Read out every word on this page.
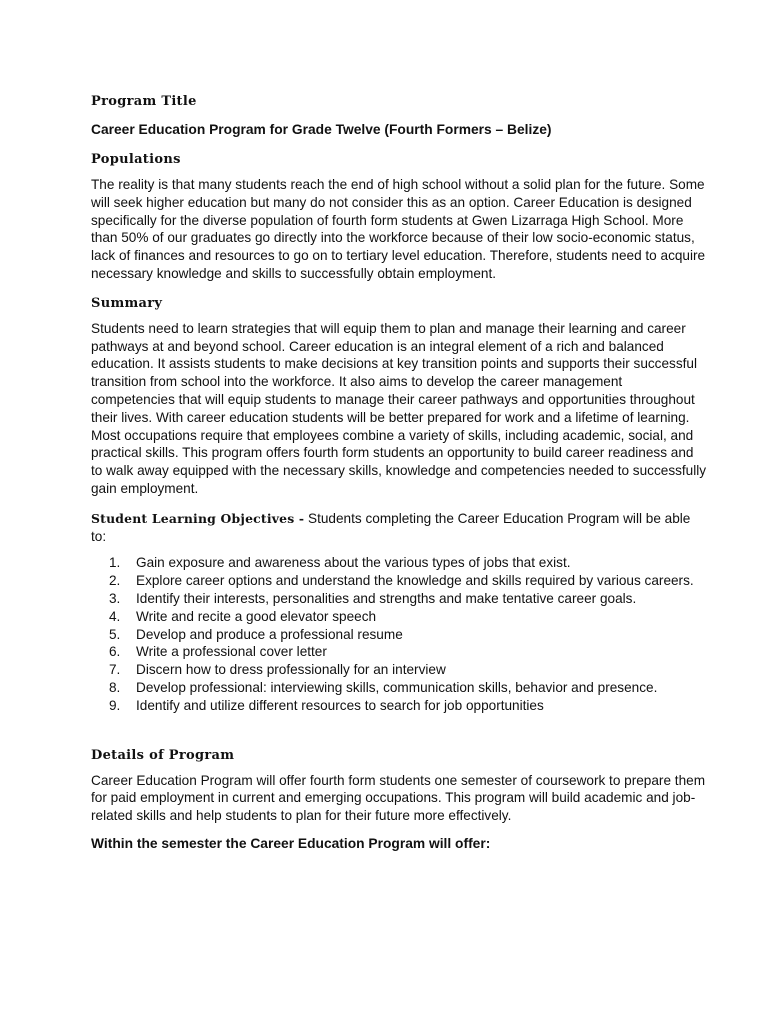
Program Title
Career Education Program for Grade Twelve (Fourth Formers – Belize)
Populations

The reality is that many students reach the end of high school without a solid plan for the future. Some will seek higher education but many do not consider this as an option. Career Education is designed specifically for the diverse population of fourth form students at Gwen Lizarraga High School. More than 50% of our graduates go directly into the workforce because of their low socio-economic status, lack of finances and resources to go on to tertiary level education. Therefore, students need to acquire necessary knowledge and skills to successfully obtain employment.

Summary

Students need to learn strategies that will equip them to plan and manage their learning and career pathways at and beyond school. Career education is an integral element of a rich and balanced education. It assists students to make decisions at key transition points and supports their successful transition from school into the workforce. It also aims to develop the career management competencies that will equip students to manage their career pathways and opportunities throughout their lives. With career education students will be better prepared for work and a lifetime of learning. Most occupations require that employees combine a variety of skills, including academic, social, and practical skills. This program offers fourth form students an opportunity to build career readiness and to walk away equipped with the necessary skills, knowledge and competencies needed to successfully gain employment.

Student Learning Objectives - Students completing the Career Education Program will be able to:

1.	Gain exposure and awareness about the various types of jobs that exist.
2.	Explore career options and understand the knowledge and skills required by various careers.
3.	Identify their interests, personalities and strengths and make tentative career goals.
4.	Write and recite a good elevator speech
5.	Develop and produce a professional resume
6.	Write a professional cover letter
7.	Discern how to dress professionally for an interview
8.	Develop professional: interviewing skills, communication skills, behavior and presence.
9.	Identify and utilize different resources to search for job opportunities
Details of Program

Career Education Program will offer fourth form students one semester of coursework to prepare them for paid employment in current and emerging occupations. This program will build academic and job-related skills and help students to plan for their future more effectively.

Within the semester the Career Education Program will offer:
